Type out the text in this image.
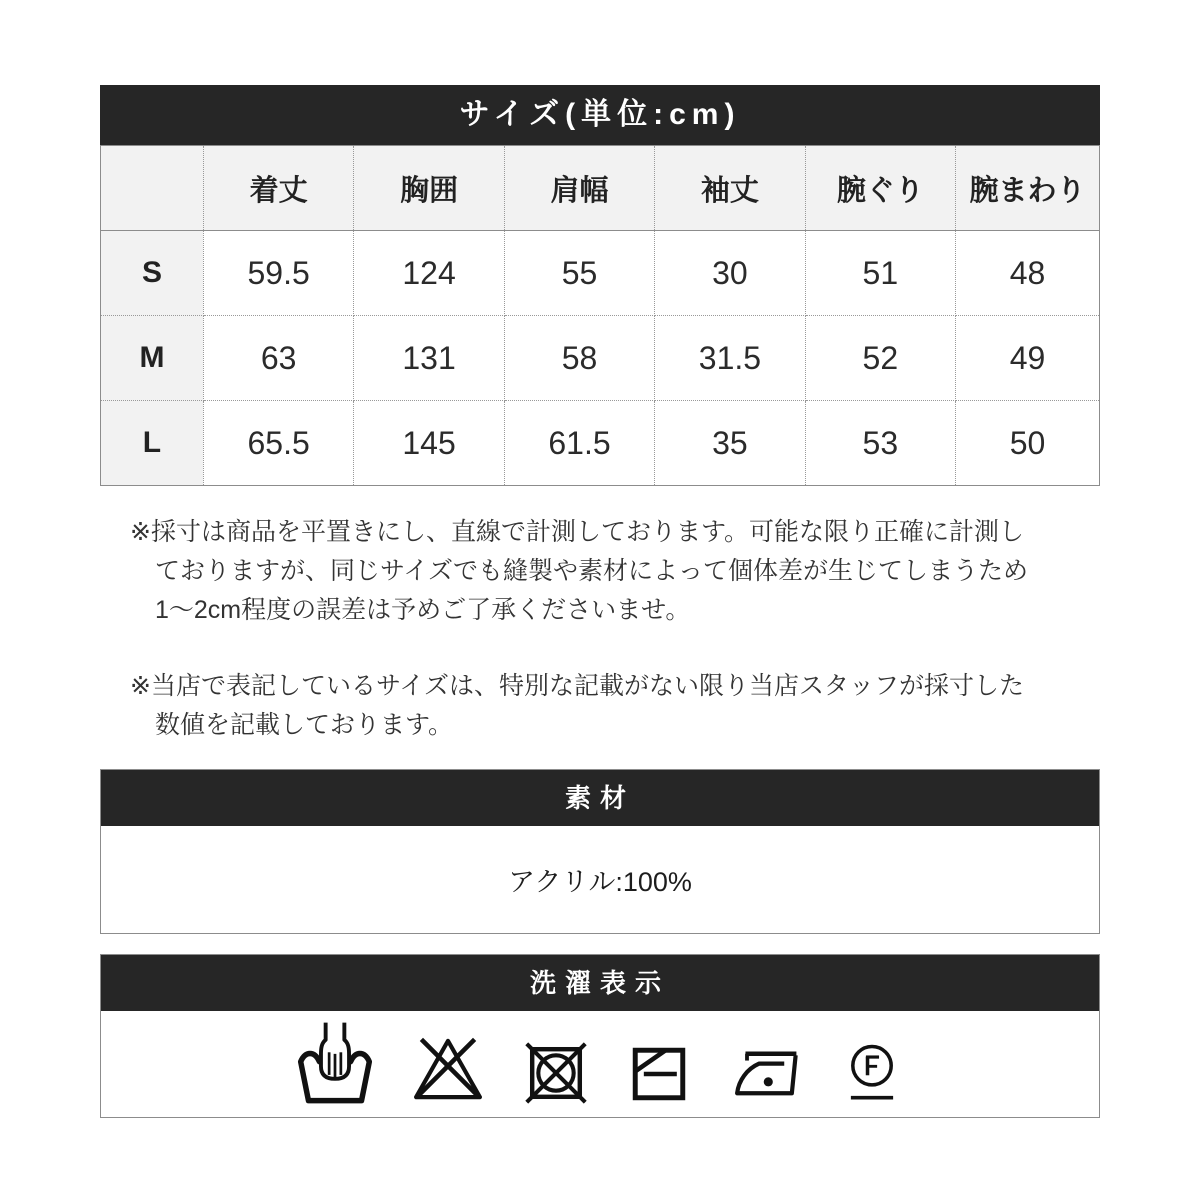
サイズ(単位:cm)
	着丈	胸囲	肩幅	袖丈	腕ぐり	腕まわり
S	59.5	124	55	30	51	48
M	63	131	58	31.5	52	49
L	65.5	145	61.5	35	53	50
※採寸は商品を平置きにし、直線で計測しております。可能な限り正確に計測し
ておりますが、同じサイズでも縫製や素材によって個体差が生じてしまうため
1〜2cm程度の誤差は予めご了承くださいませ。
※当店で表記しているサイズは、特別な記載がない限り当店スタッフが採寸した
数値を記載しております。
素材
アクリル:100%
洗濯表示
